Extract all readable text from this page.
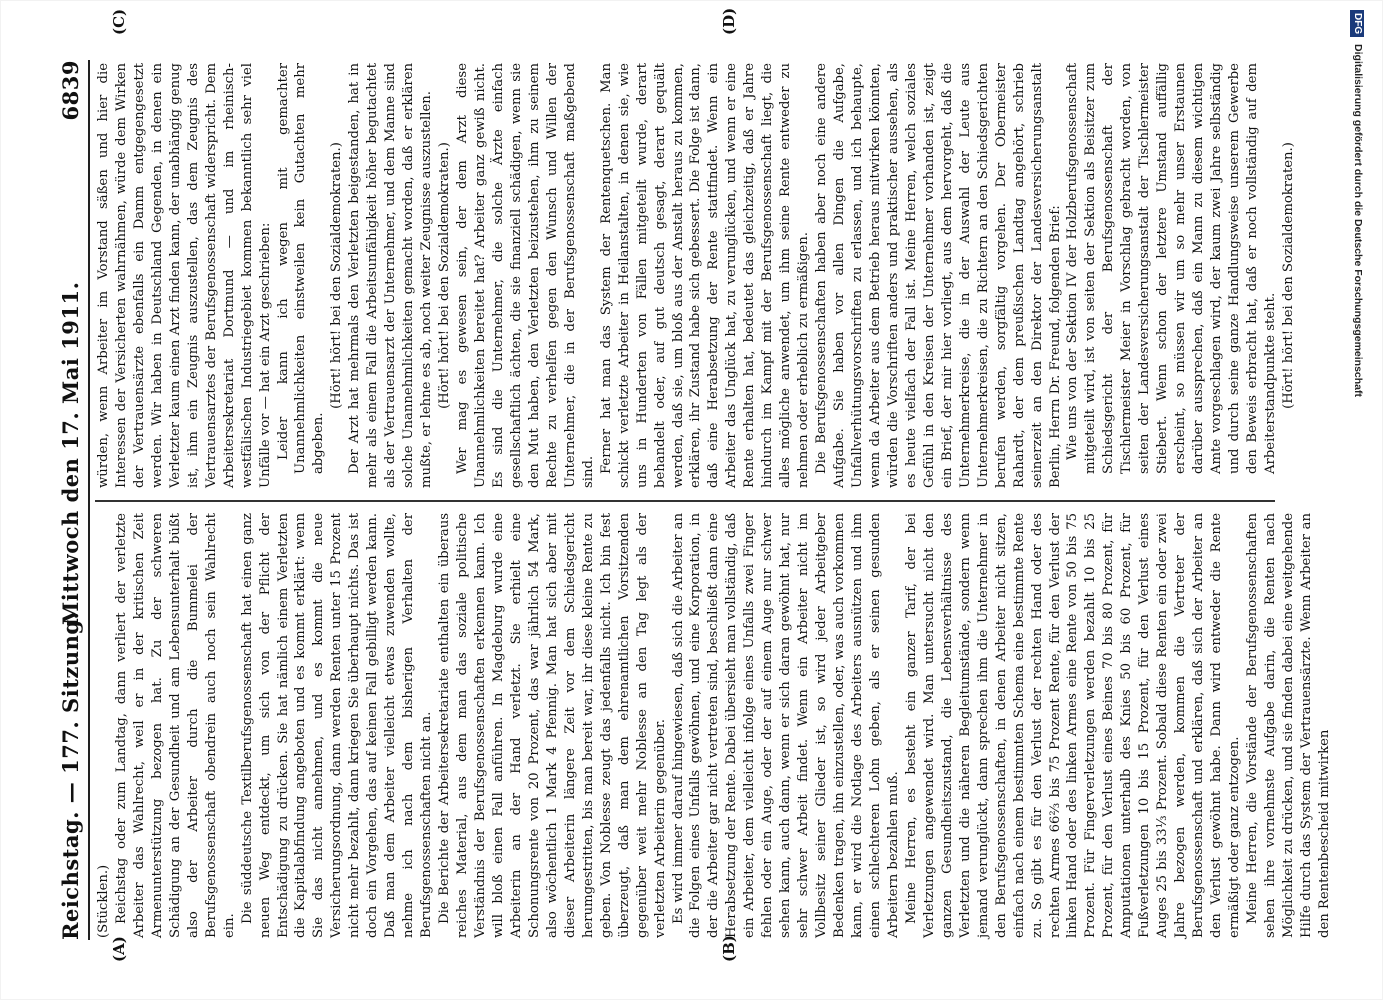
Reichstag. — 177. Sitzung.
Mittwoch den 17. Mai 1911.
6839
(A)	(B)
(C)	(D)

(Stücklen.) Reichstag oder zum Landtag, dann verliert der verletzte Arbeiter das Wahlrecht, weil er in der kritischen Zeit Armenunterstützung bezogen hat. Zu der schweren Schädigung an der Gesundheit und am Lebensunterhalt büßt also der Arbeiter durch die Bummelei der Berufsgenossenschaft obendrein auch noch sein Wahlrecht ein.

Die süddeutsche Textilberufsgenossenschaft hat einen ganz neuen Weg entdeckt, um sich von der Pflicht der Entschädigung zu drücken. Sie hat nämlich einem Verletzten die Kapitalabfindung angeboten und es kommt erklärt: wenn Sie das nicht annehmen, und es kommt die neue Versicherungsordnung, dann werden Renten unter 15 Prozent nicht mehr bezahlt, dann kriegen Sie überhaupt nichts. Das ist doch ein Vorgehen, das auf keinen Fall gebilligt werden kann. Daß man dem Arbeiter vielleicht etwas zuwenden wollte, nehme ich nach dem bisherigen Verhalten der Berufsgenossenschaften nicht an. Die Berichte der Arbeitersekretariate enthalten ein überaus reiches Material, aus dem man das soziale politische Verständnis der Berufsgenossenschaften erkennen kann. Ich will bloß einen Fall anführen. In Magdeburg wurde eine Arbeiterin an der Hand verletzt. Sie erhielt eine Schonungsrente von 20 Prozent, das war jährlich 54 Mark, also wöchentlich 1 Mark 4 Pfennig. Man hat sich aber mit dieser Arbeiterin längere Zeit vor dem Schiedsgericht herumgestritten, bis man bereit war, ihr diese kleine Rente zu geben. Von Noblesse zeugt das jedenfalls nicht. Ich bin fest überzeugt, daß man dem ehrenamtlichen Vorsitzenden gegenüber weit mehr Noblesse an den Tag legt als der verletzten Arbeiterin gegenüber. Es wird immer darauf hingewiesen, daß sich die Arbeiter an die Folgen eines Unfalls gewöhnen, und eine Korporation, in der die Arbeiter gar nicht vertreten sind, beschließt dann eine Herabsetzung der Rente. Dabei übersieht man vollständig, daß ein Arbeiter, dem vielleicht infolge eines Unfalls zwei Finger fehlen oder ein Auge, oder der auf einem Auge nur schwer sehen kann, auch dann, wenn er sich daran gewöhnt hat, nur sehr schwer Arbeit findet. Wenn ein Arbeiter nicht im Vollbesitz seiner Glieder ist, so wird jeder Arbeitgeber Bedenken tragen, ihn einzustellen, oder, was auch vorkommen kann, er wird die Notlage des Arbeiters ausnützen und ihm einen schlechteren Lohn geben, als er seinen gesunden Arbeitern bezahlen muß. Meine Herren, es besteht ein ganzer Tarif, der bei Verletzungen angewendet wird. Man untersucht nicht den ganzen Gesundheitszustand, die Lebensverhältnisse des Verletzten und die näheren Begleitumstände, sondern wenn jemand verunglückt, dann sprechen ihm die Unternehmer in den Berufsgenossenschaften, in denen Arbeiter nicht sitzen, einfach nach einem bestimmten Schema eine bestimmte Rente zu. So gibt es für den Verlust der rechten Hand oder des rechten Armes 66⅔ bis 75 Prozent Rente, für den Verlust der linken Hand oder des linken Armes eine Rente von 50 bis 75 Prozent. Für Fingerverletzungen werden bezahlt 10 bis 25 Prozent, für den Verlust eines Beines 70 bis 80 Prozent, für Amputationen unterhalb des Knies 50 bis 60 Prozent, für Fußverletzungen 10 bis 15 Prozent, für den Verlust eines Auges 25 bis 33⅓ Prozent. Sobald diese Renten ein oder zwei Jahre bezogen werden, kommen die Vertreter der Berufsgenossenschaft und erklären, daß sich der Arbeiter an den Verlust gewöhnt habe. Dann wird entweder die Rente ermäßigt oder ganz entzogen. Meine Herren, die Vorstände der Berufsgenossenschaften sehen ihre vornehmste Aufgabe darin, die Renten nach Möglichkeit zu drücken, und sie finden dabei eine weitgehende Hilfe durch das System der Vertrauensärzte. Wenn Arbeiter an den Rentenbescheid mitwirken

würden, wenn Arbeiter im Vorstand säßen und hier die Interessen der Versicherten wahrnähmen, würde dem Wirken der Vertrauensärzte ebenfalls ein Damm entgegengesetzt werden. Wir haben in Deutschland Gegenden, in denen ein Verletzter kaum einen Arzt finden kann, der unabhängig genug ist, ihm ein Zeugnis auszustellen, das dem Zeugnis des Vertrauensarztes der Berufsgenossenschaft widerspricht. Dem Arbeitersekretariat Dortmund — und im rheinisch-westfälischen Industriegebiet kommen bekanntlich sehr viel Unfälle vor — hat ein Arzt geschrieben: Leider kann ich wegen mit gemachter Unannehmlichkeiten einstweilen kein Gutachten mehr abgeben.

(Hört! hört! bei den Sozialdemokraten.) Der Arzt hat mehrmals den Verletzten beigestanden, hat in mehr als einem Fall die Arbeitsunfähigkeit höher begutachtet als der Vertrauensarzt der Unternehmer, und dem Manne sind solche Unannehmlichkeiten gemacht worden, daß er erklären mußte, er lehne es ab, noch weiter Zeugnisse auszustellen. (Hört! hört! bei den Sozialdemokraten.) Wer mag es gewesen sein, der dem Arzt diese Unannehmlichkeiten bereitet hat? Arbeiter ganz gewiß nicht. Es sind die Unternehmer, die solche Ärzte einfach gesellschaftlich ächten, die sie finanziell schädigen, wenn sie den Mut haben, den Verletzten beizustehen, ihm zu seinem Rechte zu verhelfen gegen den Wunsch und Willen der Unternehmer, die in der Berufsgenossenschaft maßgebend sind. Ferner hat man das System der Rentenquetschen. Man schickt verletzte Arbeiter in Heilanstalten, in denen sie, wie uns in Hunderten von Fällen mitgeteilt wurde, derart behandelt oder, auf gut deutsch gesagt, derart gequält werden, daß sie, um bloß aus der Anstalt heraus zu kommen, erklären, ihr Zustand habe sich gebessert. Die Folge ist dann, daß eine Herabsetzung der Rente stattfindet. Wenn ein Arbeiter das Unglück hat, zu verunglücken, und wenn er eine Rente erhalten hat, bedeutet das gleichzeitig, daß er Jahre hindurch im Kampf mit der Berufsgenossenschaft liegt, die alles mögliche anwendet, um ihm seine Rente entweder zu nehmen oder erheblich zu ermäßigen. Die Berufsgenossenschaften haben aber noch eine andere Aufgabe. Sie haben vor allen Dingen die Aufgabe, Unfallverhütungsvorschriften zu erlassen, und ich behaupte, wenn da Arbeiter aus dem Betrieb heraus mitwirken könnten, würden die Vorschriften anders und praktischer aussehen, als es heute vielfach der Fall ist. Meine Herren, welch soziales Gefühl in den Kreisen der Unternehmer vorhanden ist, zeigt ein Brief, der mir hier vorliegt, aus dem hervorgeht, daß die Unternehmerkreise, die in der Auswahl der Leute aus Unternehmerkreisen, die zu Richtern an den Schiedsgerichten berufen werden, sorgfältig vorgehen. Der Obermeister Rahardt, der dem preußischen Landtag angehört, schrieb seinerzeit an den Direktor der Landesversicherungsanstalt Berlin, Herrn Dr. Freund, folgenden Brief: Wie uns von der Sektion IV der Holzberufsgenossenschaft mitgeteilt wird, ist von seiten der Sektion als Beisitzer zum Schiedsgericht der Berufsgenossenschaft der Tischlermeister Meier in Vorschlag gebracht worden, von seiten der Landesversicherungsanstalt der Tischlermeister Stiebert. Wenn schon der letztere Umstand auffällig erscheint, so müssen wir um so mehr unser Erstaunen darüber aussprechen, daß ein Mann zu diesem wichtigen Amte vorgeschlagen wird, der kaum zwei Jahre selbständig und durch seine ganze Handlungsweise unserem Gewerbe den Beweis erbracht hat, daß er noch vollständig auf dem Arbeiterstandpunkte steht. (Hört! hört! bei den Sozialdemokraten.)

DFG Digitalisierung gefördert durch die Deutsche Forschungsgemeinschaft
